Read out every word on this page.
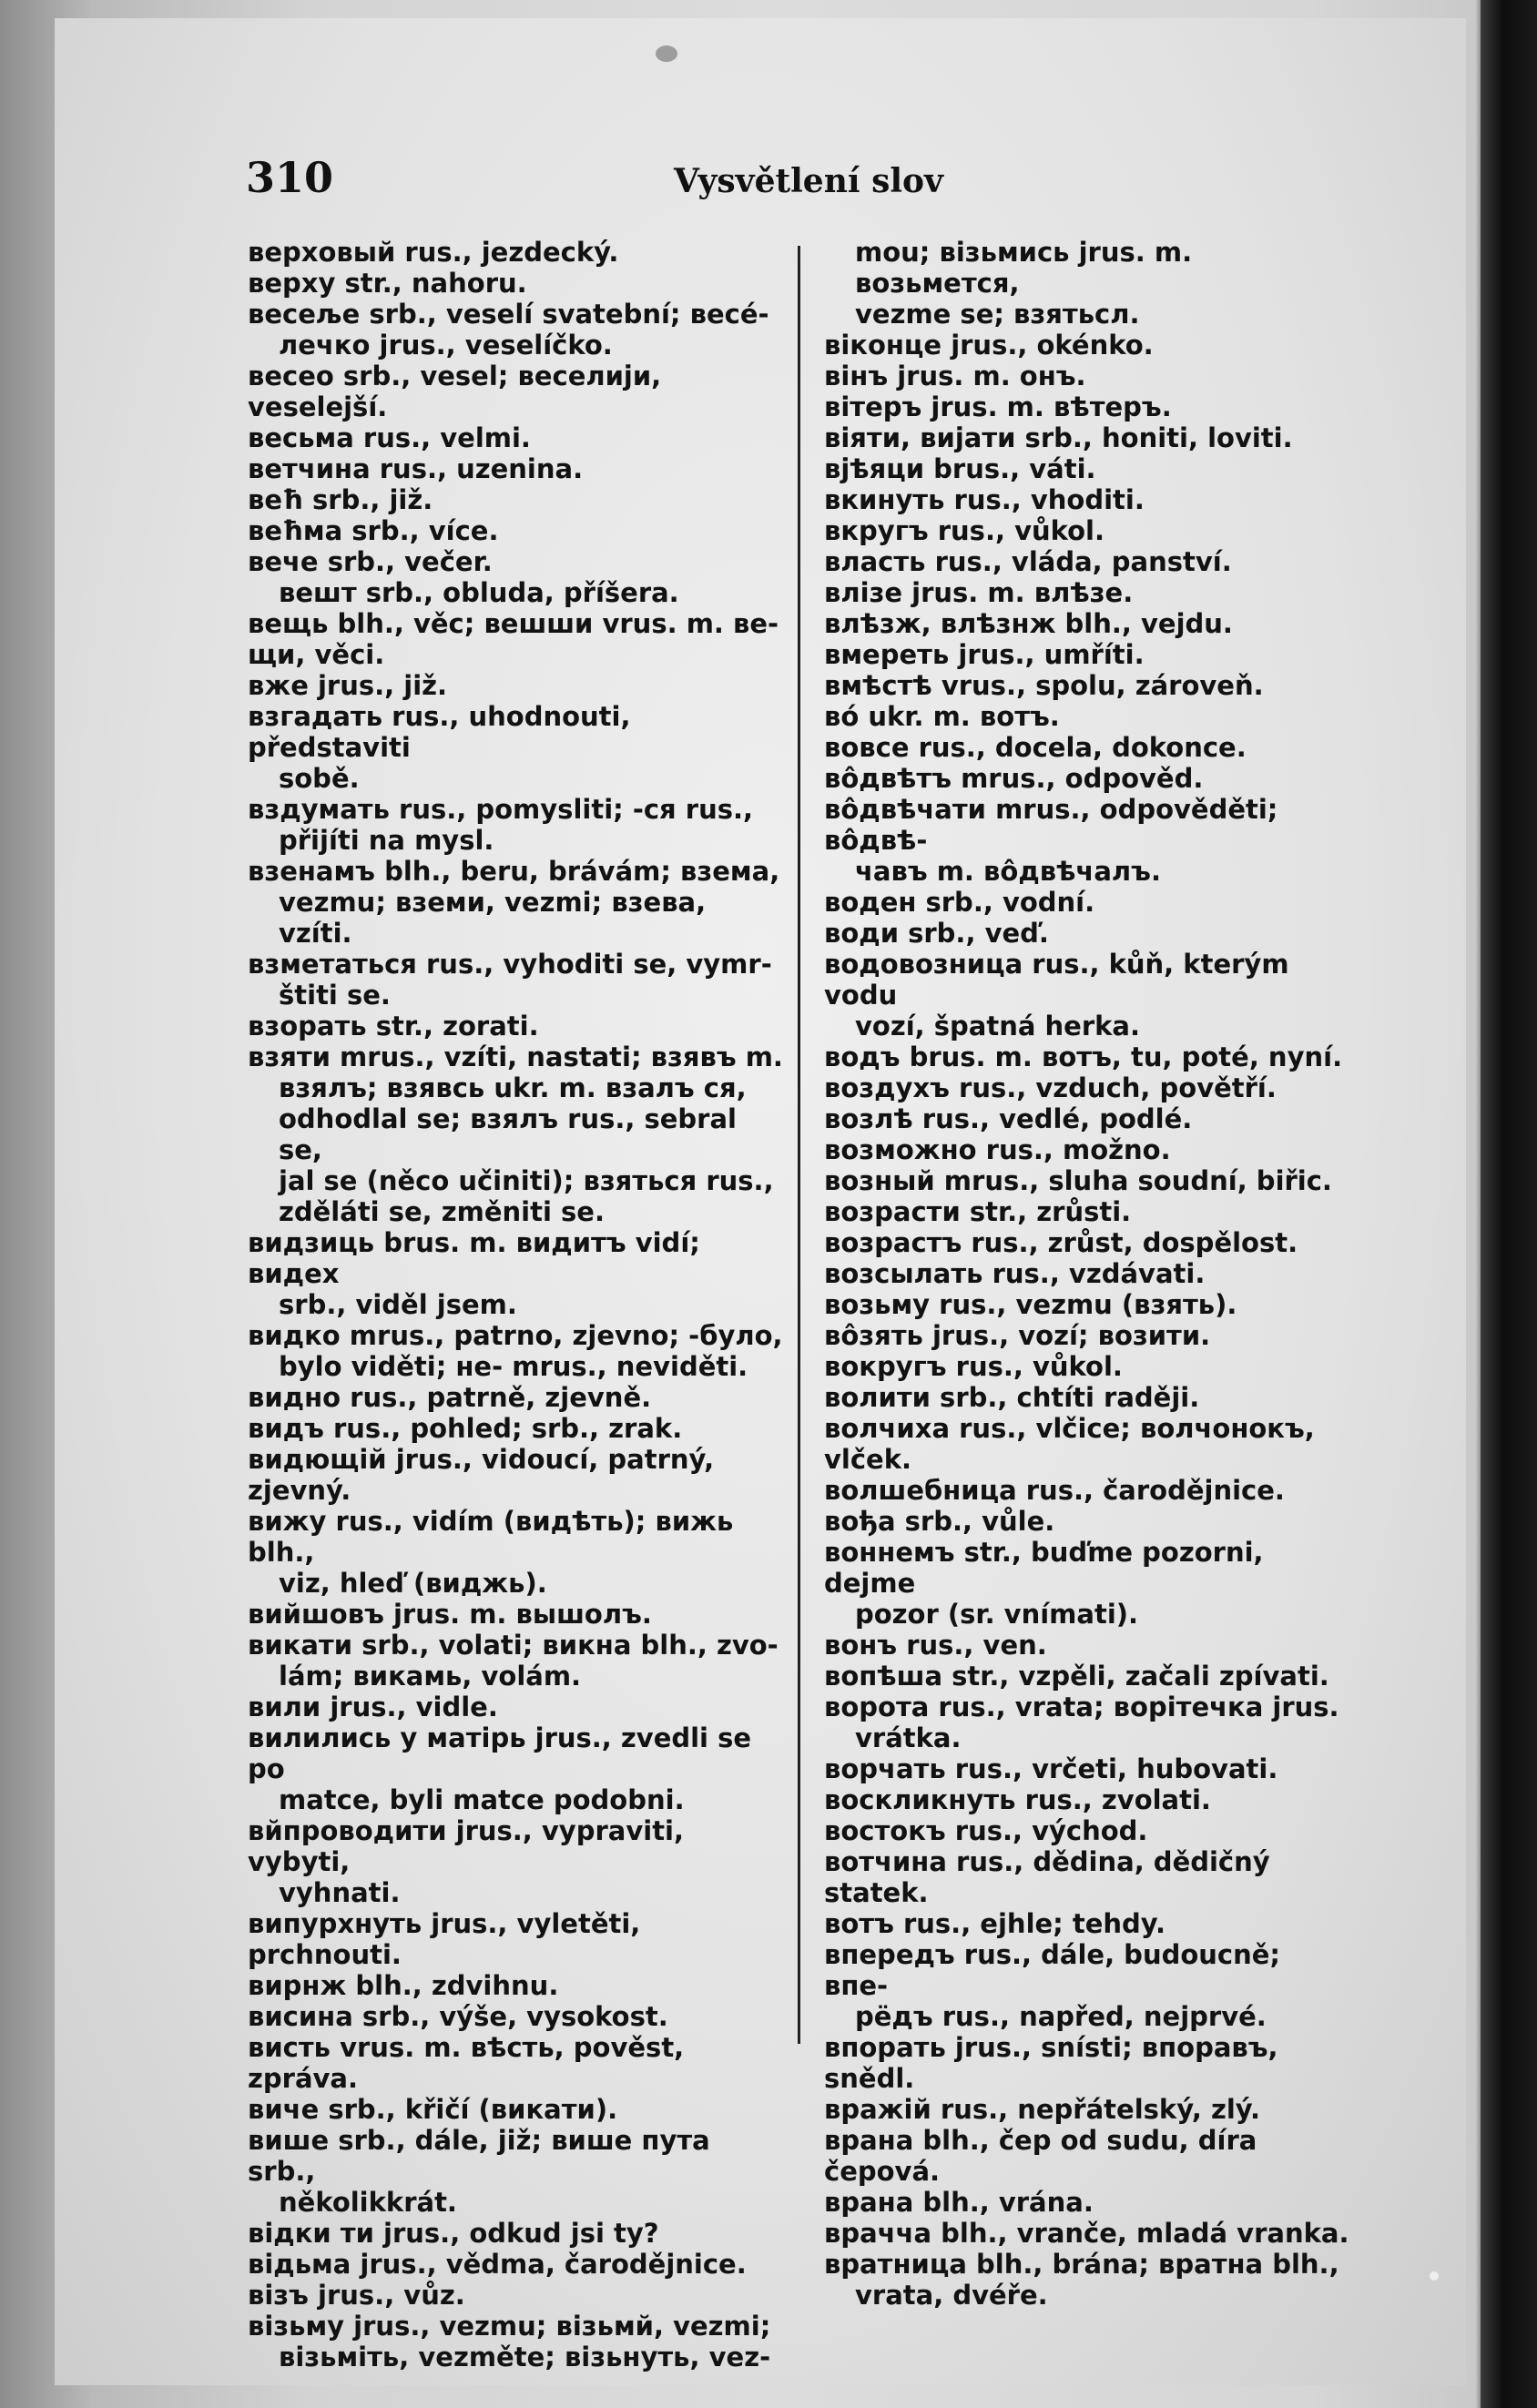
310	Vysvětlení slov
верховый rus., jezdecký.
верху str., nahoru.
весеље srb., veselí svatební; весе́-
лечко jrus., veselíčko.
весео srb., vesel; веселији, veselejší.
весьма rus., velmi.
ветчина rus., uzenina.
веħ srb., již.
веħма srb., více.
вече srb., večer.
вешт srb., obluda, příšera.
вещь blh., věc; вешши vrus. m. ве-
щи, věci.
вже jrus., již.
взгадать rus., uhodnouti, představiti
sobě.
вздумать rus., pomysliti; -ся rus.,
přijíti na mysl.
взенамъ blh., beru, brávám; взема,
vezmu; вземи, vezmi; взева, vzíti.
взметаться rus., vyhoditi se, vymr-
štiti se.
взорать str., zorati.
взяти mrus., vzíti, nastati; взявъ m.
взялъ; взявсь ukr. m. взалъ ся,
odhodlal se; взялъ rus., sebral se,
jal se (něco učiniti); взяться rus.,
zděláti se, změniti se.
видзиць brus. m. видитъ vidí; видех
srb., viděl jsem.
видко mrus., patrno, zjevno; -було,
bylo viděti; не- mrus., neviděti.
видно rus., patrně, zjevně.
видъ rus., pohled; srb., zrak.
видющій jrus., vidoucí, patrný, zjevný.
вижу rus., vidím (видѣть); вижь blh.,
viz, hleď (виджь).
вийшовъ jrus. m. вышолъ.
викати srb., volati; викна blh., zvo-
lám; викамь, volám.
вили jrus., vidle.
вилились у матірь jrus., zvedli se po
matce, byli matce podobni.
вйпроводити jrus., vypraviti, vybyti,
vyhnati.
випурхнуть jrus., vyletěti, prchnouti.
вирнж blh., zdvihnu.
висина srb., výše, vysokost.
висть vrus. m. вѣсть, pověst, zpráva.
виче srb., křičí (викати).
више srb., dále, již; више пута srb.,
několikkrát.
відки ти jrus., odkud jsi ty?
відьма jrus., vědma, čarodějnice.
візъ jrus., vůz.
візьму jrus., vezmu; візьмй, vezmi;
візьміть, vezměte; візьнуть, vez-
mou; візьмись jrus. m. возьмется,
vezme se; взятьсл.
віконце jrus., okénko.
вінъ jrus. m. онъ.
вітеръ jrus. m. вѣтеръ.
віяти, вијати srb., honiti, loviti.
вјѣяци brus., váti.
вкинуть rus., vhoditi.
вкругъ rus., vůkol.
власть rus., vláda, panství.
влізе jrus. m. влѣзе.
влѣзж, влѣзнж blh., vejdu.
вмереть jrus., umříti.
вмѣстѣ vrus., spolu, zároveň.
вó ukr. m. вотъ.
вовсе rus., docela, dokonce.
вôдвѣтъ mrus., odpověd.
вôдвѣчати mrus., odpověděti; вôдвѣ-
чавъ m. вôдвѣчалъ.
воден srb., vodní.
води srb., veď.
водовозница rus., kůň, kterým vodu
vozí, špatná herka.
водъ brus. m. вотъ, tu, poté, nyní.
воздухъ rus., vzduch, povětří.
возлѣ rus., vedlé, podlé.
возможно rus., možno.
возный mrus., sluha soudní, biřic.
возрасти str., zrůsti.
возрастъ rus., zrůst, dospělost.
возсылать rus., vzdávati.
возьму rus., vezmu (взять).
вôзять jrus., vozí; возити.
вокругъ rus., vůkol.
волити srb., chtíti raději.
волчиха rus., vlčice; волчонокъ, vlček.
волшебница rus., čarodějnice.
вођа srb., vůle.
воннемъ str., buďme pozorni, dejme
pozor (sr. vnímati).
вонъ rus., ven.
вопѣша str., vzpěli, začali zpívati.
ворота rus., vrata; ворітечка jrus.
vrátka.
ворчать rus., vrčeti, hubovati.
воскликнуть rus., zvolati.
востокъ rus., východ.
вотчина rus., dědina, dědičný statek.
вотъ rus., ejhle; tehdy.
впередъ rus., dále, budoucně; впе-
рёдъ rus., napřed, nejprvé.
впорать jrus., snísti; впоравъ, snědl.
вражій rus., nepřátelský, zlý.
врана blh., čep od sudu, díra čepová.
врана blh., vrána.
врачча blh., vranče, mladá vranka.
вратница blh., brána; вратна blh.,
vrata, dvéře.
